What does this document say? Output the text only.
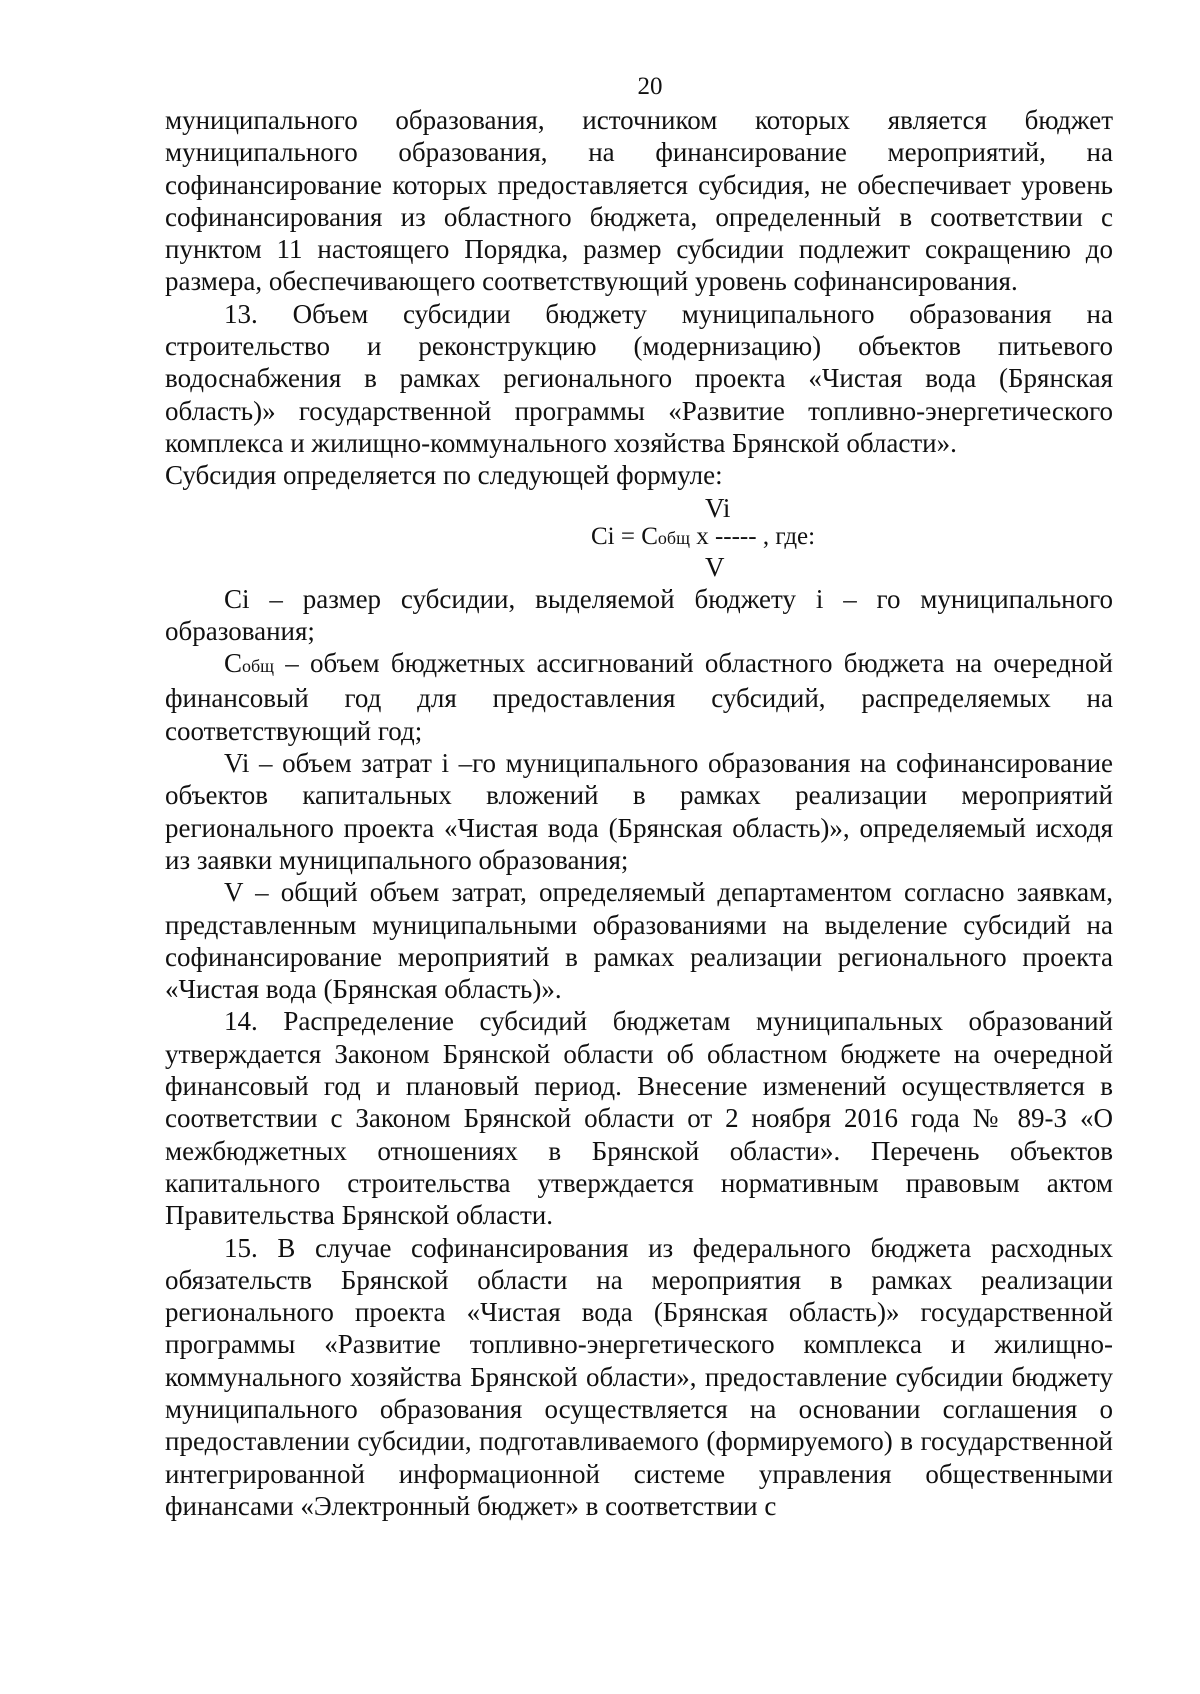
20

муниципального образования, источником которых является бюджет муниципального образования, на финансирование мероприятий, на софинансирование которых предоставляется субсидия, не обеспечивает уровень софинансирования из областного бюджета, определенный в соответствии с пунктом 11 настоящего Порядка, размер субсидии подлежит сокращению до размера, обеспечивающего соответствующий уровень софинансирования.

13. Объем субсидии бюджету муниципального образования на строительство и реконструкцию (модернизацию) объектов питьевого водоснабжения в рамках регионального проекта «Чистая вода (Брянская область)» государственной программы «Развитие топливно-энергетического комплекса и жилищно-коммунального хозяйства Брянской области».

Субсидия определяется по следующей формуле:

Vi
Ci = Cобщ х ----- , где:
V

Ci – размер субсидии, выделяемой бюджету i – го муниципального образования;

Cобщ – объем бюджетных ассигнований областного бюджета на очередной финансовый год для предоставления субсидий, распределяемых на соответствующий год;

Vi – объем затрат i –го муниципального образования на софинансирование объектов капитальных вложений в рамках реализации мероприятий регионального проекта «Чистая вода (Брянская область)», определяемый исходя из заявки муниципального образования;

V – общий объем затрат, определяемый департаментом согласно заявкам, представленным муниципальными образованиями на выделение субсидий на софинансирование мероприятий в рамках реализации регионального проекта «Чистая вода (Брянская область)».

14. Распределение субсидий бюджетам муниципальных образований утверждается Законом Брянской области об областном бюджете на очередной финансовый год и плановый период. Внесение изменений осуществляется в соответствии с Законом Брянской области от 2 ноября 2016 года № 89-З «О межбюджетных отношениях в Брянской области». Перечень объектов капитального строительства утверждается нормативным правовым актом Правительства Брянской области.

15. В случае софинансирования из федерального бюджета расходных обязательств Брянской области на мероприятия в рамках реализации регионального проекта «Чистая вода (Брянская область)» государственной программы «Развитие топливно-энергетического комплекса и жилищно-коммунального хозяйства Брянской области», предоставление субсидии бюджету муниципального образования осуществляется на основании соглашения о предоставлении субсидии, подготавливаемого (формируемого) в государственной интегрированной информационной системе управления общественными финансами «Электронный бюджет» в соответствии с
